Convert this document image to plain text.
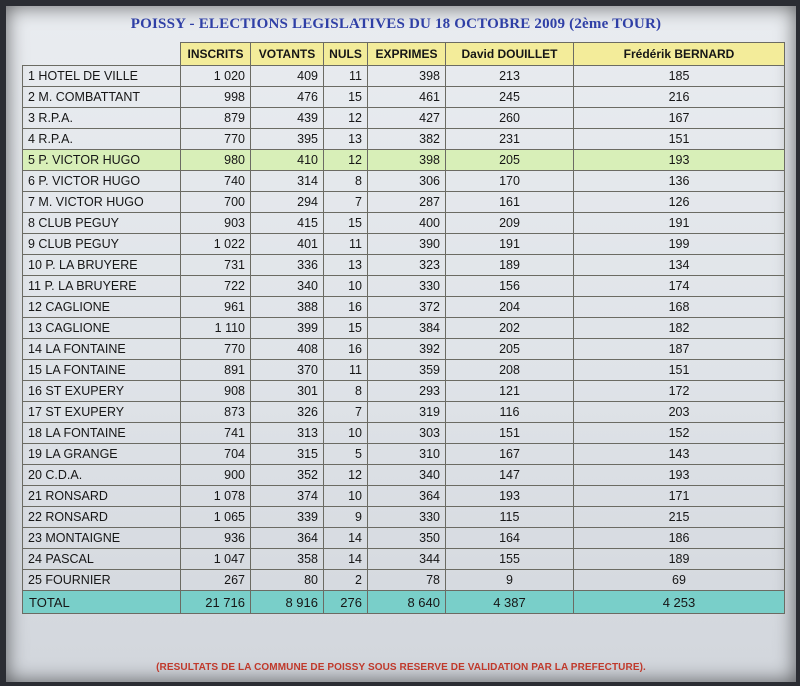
POISSY - ELECTIONS LEGISLATIVES DU 18 OCTOBRE 2009 (2ème TOUR)
	INSCRITS	VOTANTS	NULS	EXPRIMES	David DOUILLET	Frédérik BERNARD
1 HOTEL DE VILLE	1 020	409	11	398	213	185
2 M. COMBATTANT	998	476	15	461	245	216
3 R.P.A.	879	439	12	427	260	167
4 R.P.A.	770	395	13	382	231	151
5 P. VICTOR HUGO	980	410	12	398	205	193
6 P. VICTOR HUGO	740	314	8	306	170	136
7 M. VICTOR HUGO	700	294	7	287	161	126
8 CLUB PEGUY	903	415	15	400	209	191
9 CLUB PEGUY	1 022	401	11	390	191	199
10 P. LA BRUYERE	731	336	13	323	189	134
11 P. LA BRUYERE	722	340	10	330	156	174
12 CAGLIONE	961	388	16	372	204	168
13 CAGLIONE	1 110	399	15	384	202	182
14 LA FONTAINE	770	408	16	392	205	187
15 LA FONTAINE	891	370	11	359	208	151
16 ST EXUPERY	908	301	8	293	121	172
17 ST EXUPERY	873	326	7	319	116	203
18 LA FONTAINE	741	313	10	303	151	152
19 LA GRANGE	704	315	5	310	167	143
20 C.D.A.	900	352	12	340	147	193
21 RONSARD	1 078	374	10	364	193	171
22 RONSARD	1 065	339	9	330	115	215
23 MONTAIGNE	936	364	14	350	164	186
24 PASCAL	1 047	358	14	344	155	189
25 FOURNIER	267	80	2	78	9	69
TOTAL	21 716	8 916	276	8 640	4 387	4 253
(RESULTATS DE LA COMMUNE DE POISSY SOUS RESERVE DE VALIDATION PAR LA PREFECTURE).
